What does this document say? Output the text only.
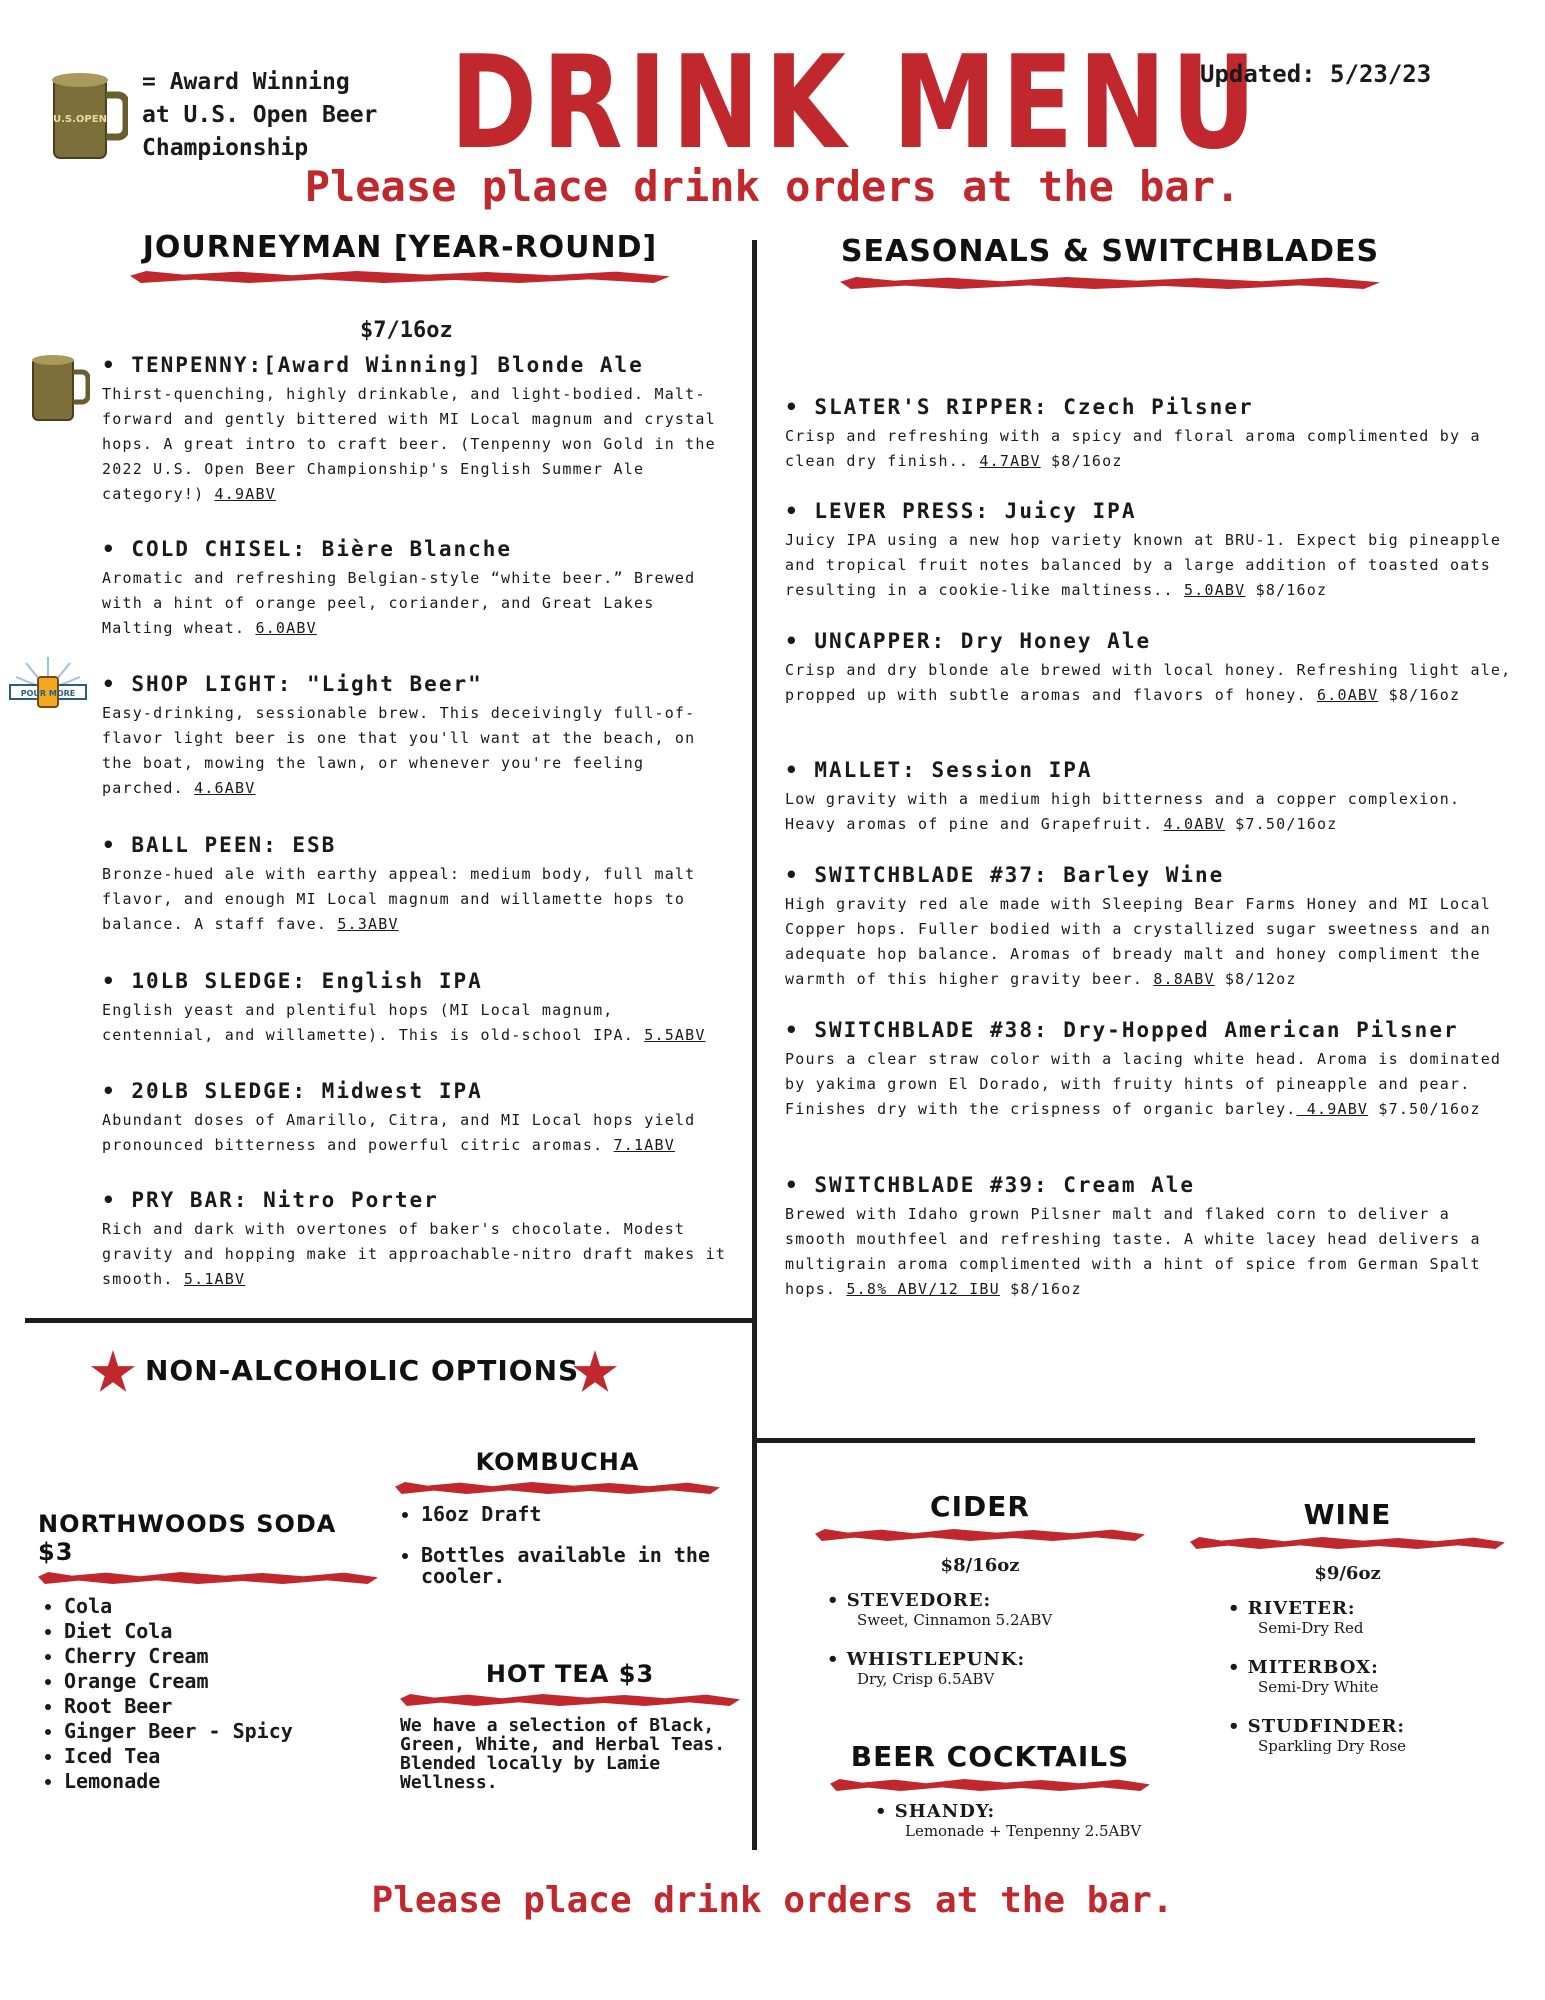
U.S.OPEN
= Award Winning
at U.S. Open Beer
Championship	DRINK MENU
Updated: 5/23/23
Please place drink orders at the bar.
JOURNEYMAN [YEAR-ROUND]
$7/16oz
POUR MORE
• TENPENNY:[Award Winning] Blonde Ale
Thirst-quenching, highly drinkable, and light-bodied. Malt-forward and gently bittered with MI Local magnum and crystal hops. A great intro to craft beer. (Tenpenny won Gold in the 2022 U.S. Open Beer Championship's English Summer Ale category!) 4.9ABV
• COLD CHISEL: Bière Blanche
Aromatic and refreshing Belgian-style “white beer.” Brewed with a hint of orange peel, coriander, and Great Lakes Malting wheat. 6.0ABV
• SHOP LIGHT: "Light Beer"
Easy-drinking, sessionable brew. This deceivingly full-of-flavor light beer is one that you'll want at the beach, on the boat, mowing the lawn, or whenever you're feeling parched. 4.6ABV
• BALL PEEN: ESB
Bronze-hued ale with earthy appeal: medium body, full malt flavor, and enough MI Local magnum and willamette hops to balance. A staff fave. 5.3ABV
• 10LB SLEDGE: English IPA
English yeast and plentiful hops (MI Local magnum, centennial, and willamette). This is old-school IPA. 5.5ABV
• 20LB SLEDGE: Midwest IPA
Abundant doses of Amarillo, Citra, and MI Local hops yield pronounced bitterness and powerful citric aromas. 7.1ABV
• PRY BAR: Nitro Porter
Rich and dark with overtones of baker's chocolate. Modest gravity and hopping make it approachable-nitro draft makes it smooth. 5.1ABV
SEASONALS & SWITCHBLADES
• SLATER'S RIPPER: Czech Pilsner
Crisp and refreshing with a spicy and floral aroma complimented by a clean dry finish.. 4.7ABV $8/16oz
• LEVER PRESS: Juicy IPA
Juicy IPA using a new hop variety known at BRU-1. Expect big pineapple and tropical fruit notes balanced by a large addition of toasted oats resulting in a cookie-like maltiness.. 5.0ABV $8/16oz
• UNCAPPER: Dry Honey Ale
Crisp and dry blonde ale brewed with local honey. Refreshing light ale, propped up with subtle aromas and flavors of honey. 6.0ABV $8/16oz
• MALLET: Session IPA
Low gravity with a medium high bitterness and a copper complexion. Heavy aromas of pine and Grapefruit. 4.0ABV $7.50/16oz
• SWITCHBLADE #37: Barley Wine
High gravity red ale made with Sleeping Bear Farms Honey and MI Local Copper hops. Fuller bodied with a crystallized sugar sweetness and an adequate hop balance. Aromas of bready malt and honey compliment the warmth of this higher gravity beer. 8.8ABV $8/12oz
• SWITCHBLADE #38: Dry-Hopped American Pilsner
Pours a clear straw color with a lacing white head. Aroma is dominated by yakima grown El Dorado, with fruity hints of pineapple and pear. Finishes dry with the crispness of organic barley. 4.9ABV $7.50/16oz
• SWITCHBLADE #39: Cream Ale
Brewed with Idaho grown Pilsner malt and flaked corn to deliver a smooth mouthfeel and refreshing taste. A white lacey head delivers a multigrain aroma complimented with a hint of spice from German Spalt hops. 5.8% ABV/12 IBU $8/16oz
NON-ALCOHOLIC OPTIONS
NORTHWOODS SODA $3
• Cola
• Diet Cola
• Cherry Cream
• Orange Cream
• Root Beer
• Ginger Beer - Spicy
• Iced Tea
• Lemonade
KOMBUCHA
• 16oz Draft
• Bottles available in the cooler.
HOT TEA $3
We have a selection of Black, Green, White, and Herbal Teas. Blended locally by Lamie Wellness.
CIDER
$8/16oz
• STEVEDORE:
Sweet, Cinnamon 5.2ABV
• WHISTLEPUNK:
Dry, Crisp 6.5ABV
WINE
$9/6oz
• RIVETER:
Semi-Dry Red
• MITERBOX:
Semi-Dry White
• STUDFINDER:
Sparkling Dry Rose
BEER COCKTAILS
• SHANDY:
Lemonade + Tenpenny 2.5ABV
Please place drink orders at the bar.
